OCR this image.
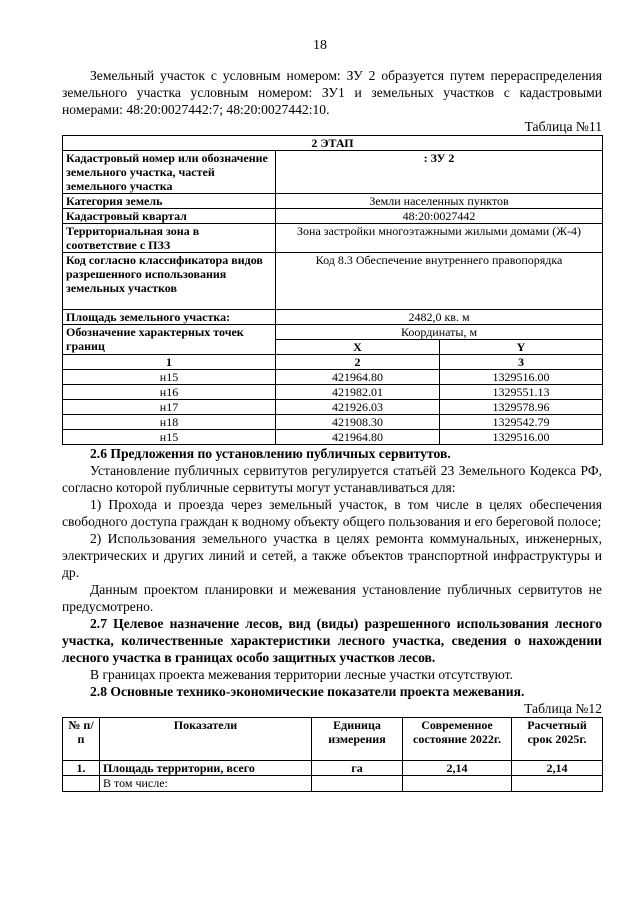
18

Земельный участок с условным номером: ЗУ 2 образуется путем перераспределения земельного участка условным номером: ЗУ1 и земельных участков с кадастровыми номерами: 48:20:0027442:7; 48:20:0027442:10.

Таблица №11

2 ЭТАП		
Кадастровый номер или обозначение земельного участка, частей земельного участка	: ЗУ 2	
Категория земель	Земли населенных пунктов	
Кадастровый квартал	48:20:0027442	
Территориальная зона в соответствие с ПЗЗ	Зона застройки многоэтажными жилыми домами (Ж-4)	
Код согласно классификатора видов разрешенного использования земельных участков	Код 8.3 Обеспечение внутреннего правопорядка	
Площадь земельного участка:	2482,0 кв. м	
Обозначение характерных точек границ	Координаты, м	
	X	Y
1	2	3
н15	421964.80	1329516.00
н16	421982.01	1329551.13
н17	421926.03	1329578.96
н18	421908.30	1329542.79
н15	421964.80	1329516.00

2.6 Предложения по установлению публичных сервитутов.

Установление публичных сервитутов регулируется статьёй 23 Земельного Кодекса РФ, согласно которой публичные сервитуты могут устанавливаться для:

1) Прохода и проезда через земельный участок, в том числе в целях обеспечения свободного доступа граждан к водному объекту общего пользования и его береговой полосе;

2) Использования земельного участка в целях ремонта коммунальных, инженерных, электрических и других линий и сетей, а также объектов транспортной инфраструктуры и др.

Данным проектом планировки и межевания установление публичных сервитутов не предусмотрено.

2.7 Целевое назначение лесов, вид (виды) разрешенного использования лесного участка, количественные характеристики лесного участка, сведения о нахождении лесного участка в границах особо защитных участков лесов.

В границах проекта межевания территории лесные участки отсутствуют.

2.8 Основные технико-экономические показатели проекта межевания.

Таблица №12

№ п/п	Показатели	Единица измерения	Современное состояние 2022г.	Расчетный срок 2025г.
1.	Площадь территории, всего	га	2,14	2,14
	В том числе:			
